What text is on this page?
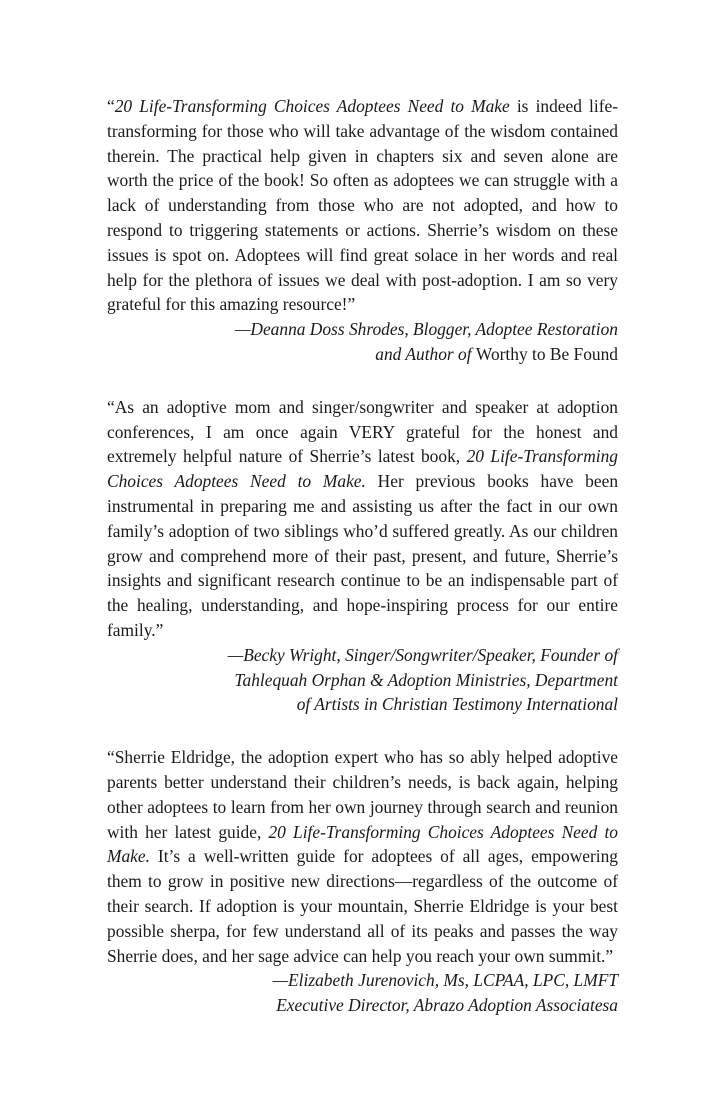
“20 Life-Transforming Choices Adoptees Need to Make is indeed life-transforming for those who will take advantage of the wisdom contained therein. The practical help given in chapters six and seven alone are worth the price of the book! So often as adoptees we can struggle with a lack of understanding from those who are not adopted, and how to respond to triggering statements or actions. Sherrie’s wisdom on these issues is spot on. Adoptees will find great solace in her words and real help for the plethora of issues we deal with post-adoption. I am so very grateful for this amazing resource!”

—Deanna Doss Shrodes, Blogger, Adoptee Restoration
and Author of Worthy to Be Found

“As an adoptive mom and singer/songwriter and speaker at adoption conferences, I am once again VERY grateful for the honest and extremely helpful nature of Sherrie’s latest book, 20 Life-Transforming Choices Adoptees Need to Make. Her previous books have been instrumental in preparing me and assisting us after the fact in our own family’s adoption of two siblings who’d suffered greatly. As our children grow and comprehend more of their past, present, and future, Sherrie’s insights and significant research continue to be an indispensable part of the healing, understanding, and hope-inspiring process for our entire family.”

—Becky Wright, Singer/Songwriter/Speaker, Founder of
Tahlequah Orphan & Adoption Ministries, Department
of Artists in Christian Testimony International

“Sherrie Eldridge, the adoption expert who has so ably helped adoptive parents better understand their children’s needs, is back again, helping other adoptees to learn from her own journey through search and reunion with her latest guide, 20 Life-Transforming Choices Adoptees Need to Make. It’s a well-written guide for adoptees of all ages, empowering them to grow in positive new directions—regardless of the outcome of their search. If adoption is your mountain, Sherrie Eldridge is your best possible sherpa, for few understand all of its peaks and passes the way Sherrie does, and her sage advice can help you reach your own summit.”

—Elizabeth Jurenovich, Ms, LCPAA, LPC, LMFT
Executive Director, Abrazo Adoption Associatesa
